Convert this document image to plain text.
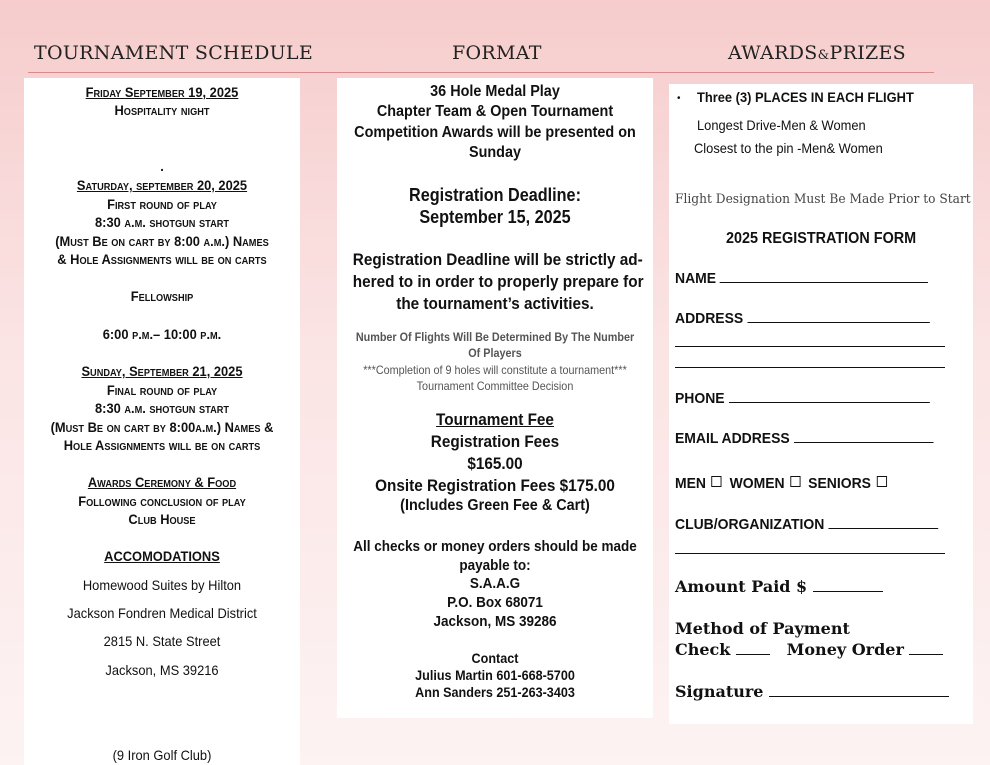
TOURNAMENT SCHEDULE	FORMAT	AWARDS&PRIZES
Friday September 19, 2025
Hospitality night
.
Saturday, september 20, 2025
First round of play
8:30 a.m. shotgun start
(Must Be on cart by 8:00 a.m.) Names
& Hole Assignments will be on carts
Fellowship
6:00 p.m.– 10:00 p.m.
Sunday, September 21, 2025
Final round of play
8:30 a.m. shotgun start
(Must Be on cart by 8:00a.m.) Names &
Hole Assignments will be on carts
Awards Ceremony & Food
Following conclusion of play
Club House
ACCOMODATIONS
Homewood Suites by Hilton
Jackson Fondren Medical District
2815 N. State Street
Jackson, MS 39216
(9 Iron Golf Club)
36 Hole Medal Play
Chapter Team & Open Tournament
Competition Awards will be presented on
Sunday
Registration Deadline:
September 15, 2025
Registration Deadline will be strictly ad-
hered to in order to properly prepare for
the tournament’s activities.
Number Of Flights Will Be Determined By The Number
Of Players
***Completion of 9 holes will constitute a tournament***
Tournament Committee Decision
Tournament Fee
Registration Fees
$165.00
Onsite Registration Fees $175.00
(Includes Green Fee & Cart)
All checks or money orders should be made
payable to:
S.A.A.G
P.O. Box 68071
Jackson, MS 39286
Contact
Julius Martin 601-668-5700
Ann Sanders 251-263-3403
• Three (3) PLACES IN EACH FLIGHT
Longest Drive-Men & Women
Closest to the pin -Men& Women
Flight Designation Must Be Made Prior to Start
2025 REGISTRATION FORM
NAME
ADDRESS
PHONE
EMAIL ADDRESS
MEN WOMEN SENIORS
CLUB/ORGANIZATION
Amount Paid $
Method of Payment
Check	Money Order
Signature
